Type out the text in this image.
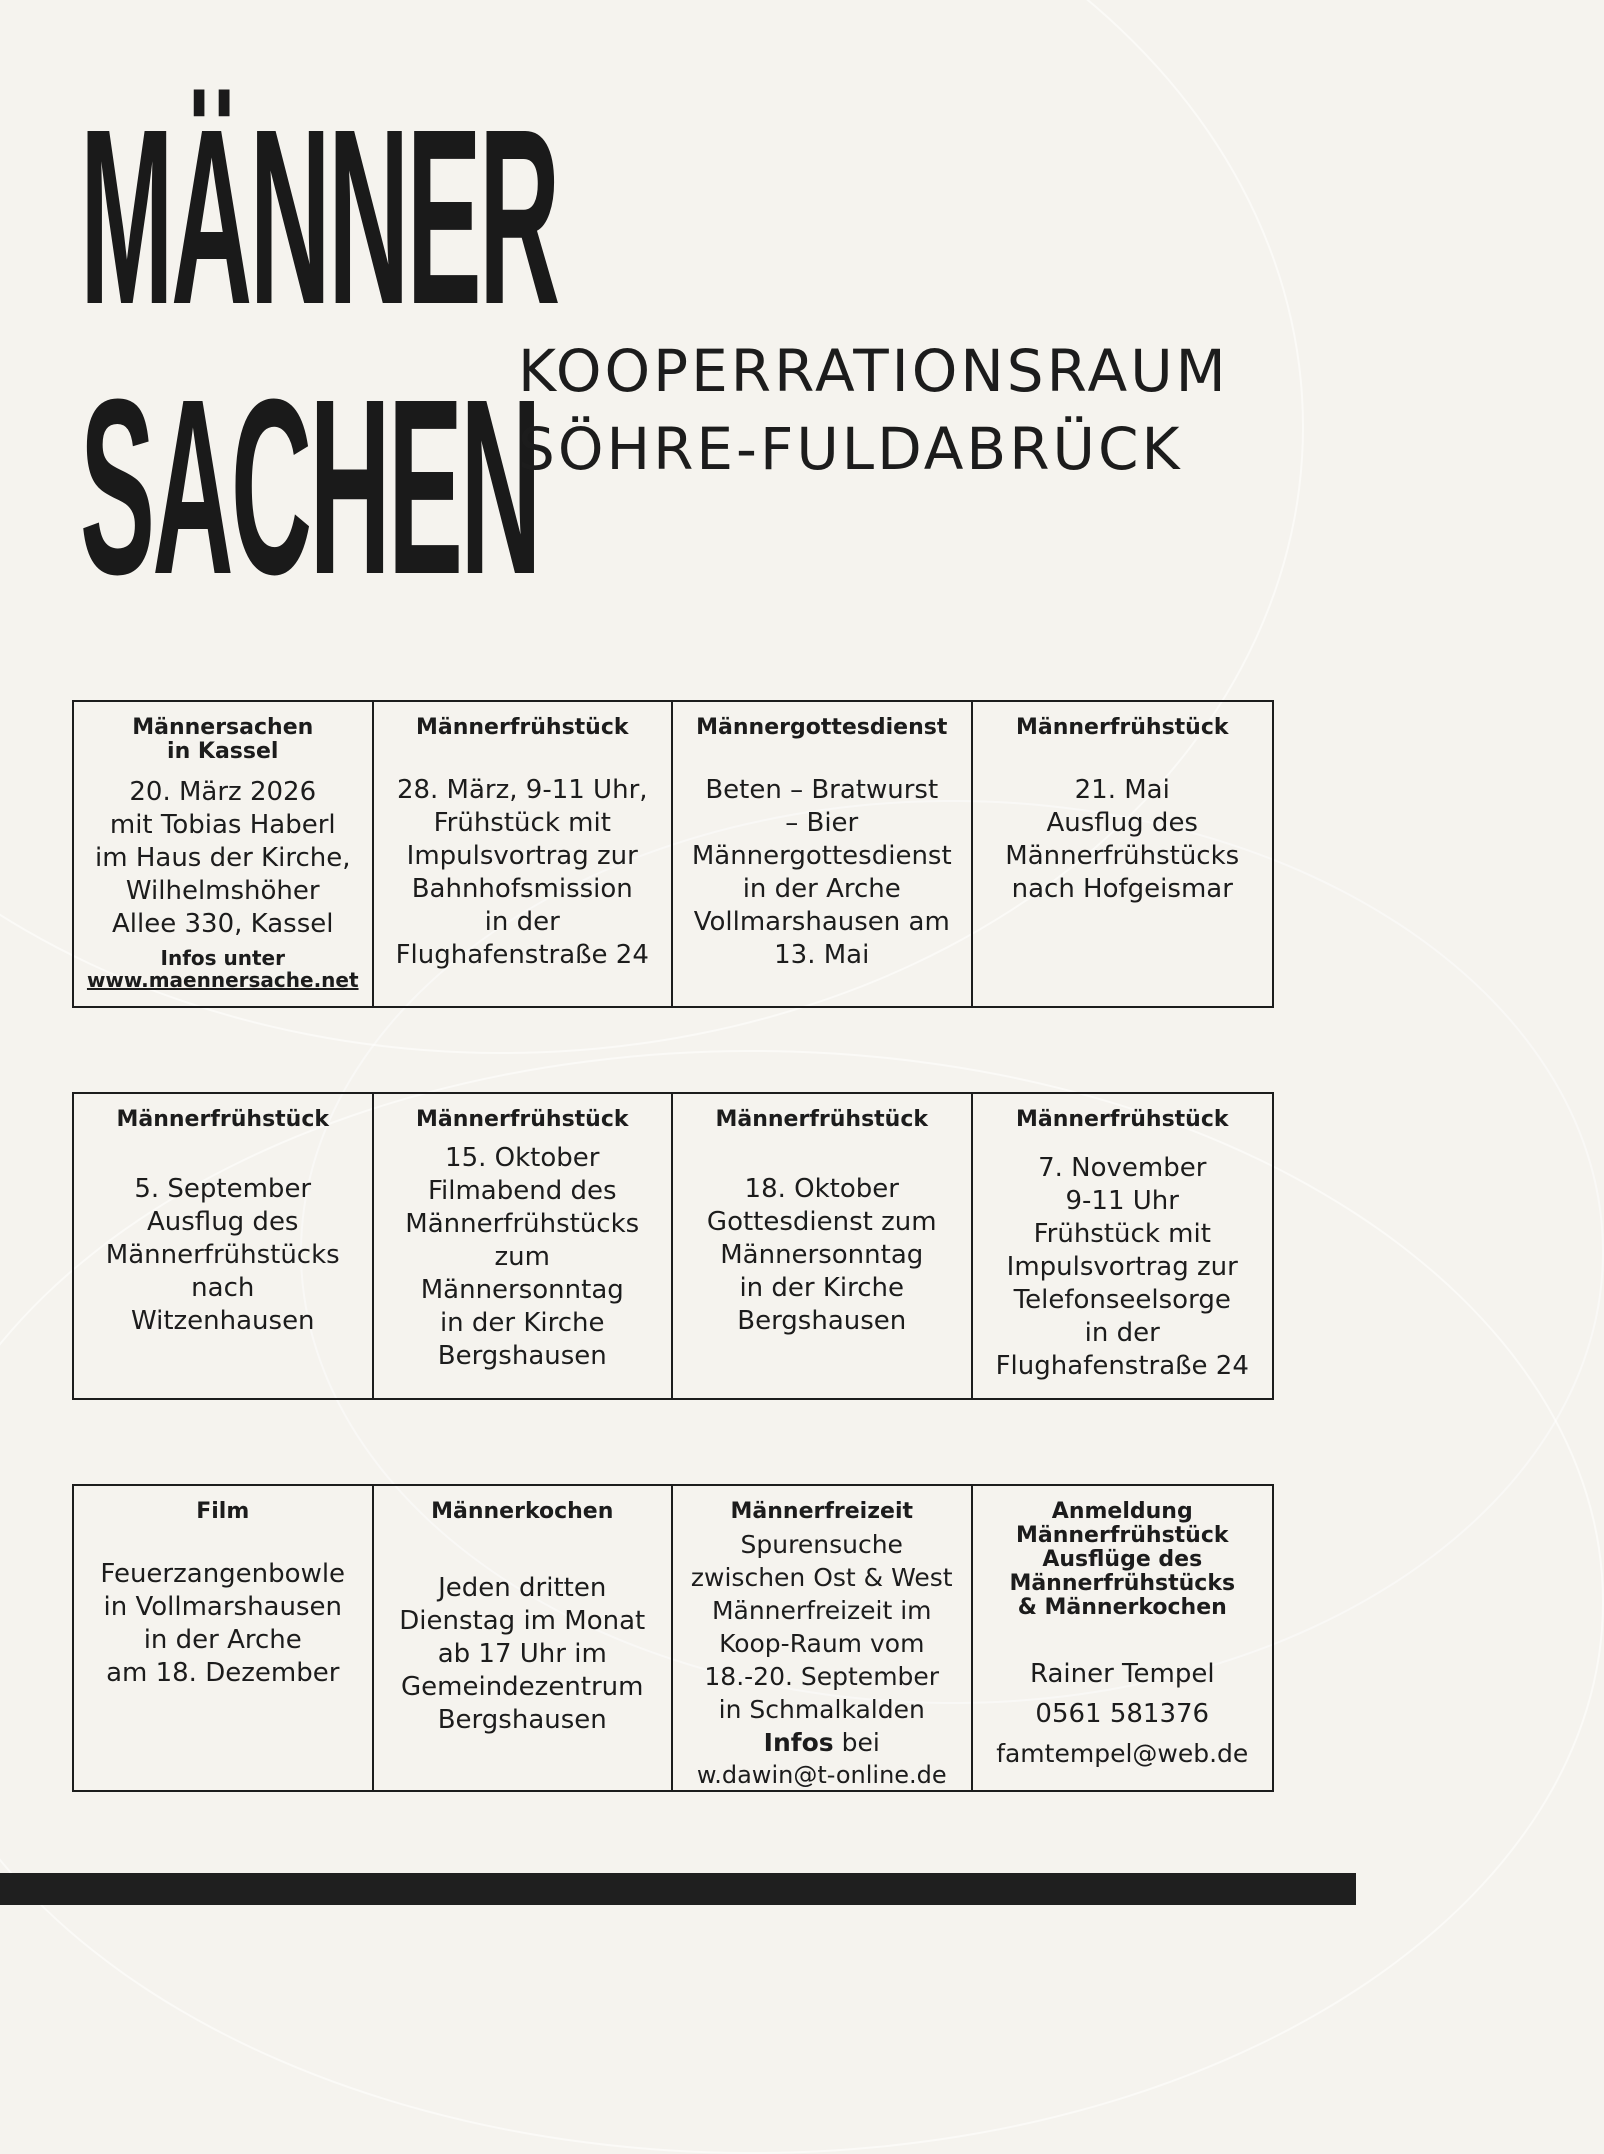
MÄNNER
SACHEN
KOOPERRATIONSRAUM
SÖHRE-FULDABRÜCK
Männersachen
in Kassel
20. März 2026
mit Tobias Haberl
im Haus der Kirche,
Wilhelmshöher
Allee 330, Kassel
Infos unter
www.maennersache.net
Männerfrühstück
28. März, 9-11 Uhr,
Frühstück mit
Impulsvortrag zur
Bahnhofsmission
in der
Flughafenstraße 24
Männergottesdienst
Beten – Bratwurst
– Bier
Männergottesdienst
in der Arche
Vollmarshausen am
13. Mai
Männerfrühstück
21. Mai
Ausflug des
Männerfrühstücks
nach Hofgeismar
Männerfrühstück
5. September
Ausflug des
Männerfrühstücks
nach
Witzenhausen
Männerfrühstück
15. Oktober
Filmabend des
Männerfrühstücks
zum
Männersonntag
in der Kirche
Bergshausen
Männerfrühstück
18. Oktober
Gottesdienst zum
Männersonntag
in der Kirche
Bergshausen
Männerfrühstück
7. November
9-11 Uhr
Frühstück mit
Impulsvortrag zur
Telefonseelsorge
in der
Flughafenstraße 24
Film
Feuerzangenbowle
in Vollmarshausen
in der Arche
am 18. Dezember
Männerkochen
Jeden dritten
Dienstag im Monat
ab 17 Uhr im
Gemeindezentrum
Bergshausen
Männerfreizeit
Spurensuche
zwischen Ost & West
Männerfreizeit im
Koop-Raum vom
18.-20. September
in Schmalkalden
Infos bei
w.dawin@t-online.de
Anmeldung
Männerfrühstück
Ausflüge des
Männerfrühstücks
& Männerkochen
Rainer Tempel
0561 581376
famtempel@web.de
